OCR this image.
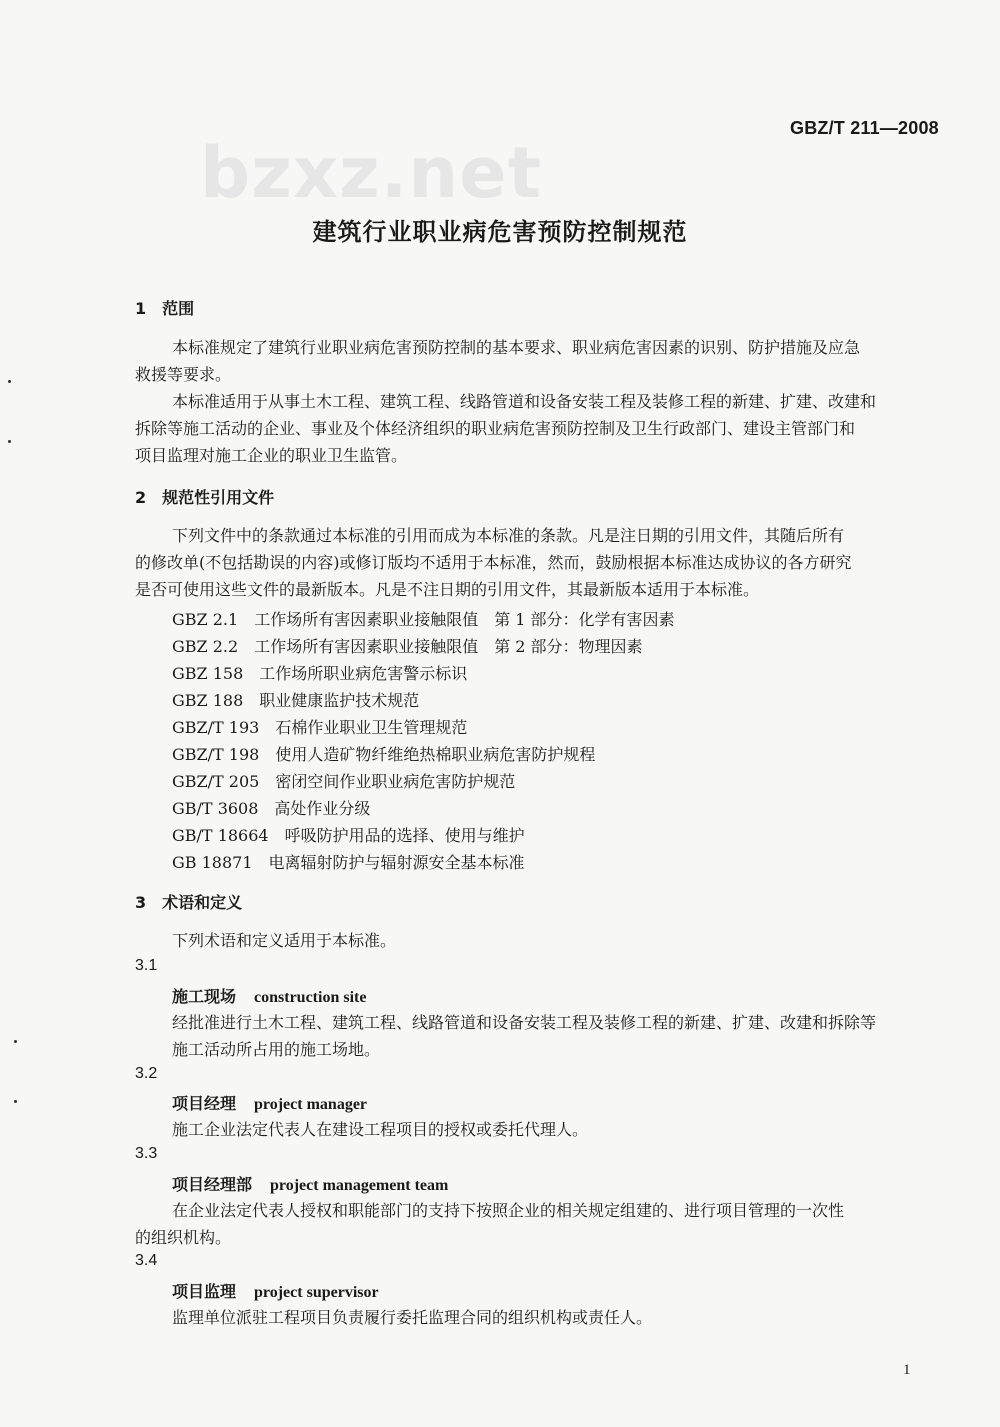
GBZ/T 211—2008
bzxz.net
建筑行业职业病危害预防控制规范
1　范围
本标准规定了建筑行业职业病危害预防控制的基本要求、职业病危害因素的识别、防护措施及应急
救援等要求。
本标准适用于从事土木工程、建筑工程、线路管道和设备安装工程及装修工程的新建、扩建、改建和
拆除等施工活动的企业、事业及个体经济组织的职业病危害预防控制及卫生行政部门、建设主管部门和
项目监理对施工企业的职业卫生监管。
2　规范性引用文件
下列文件中的条款通过本标准的引用而成为本标准的条款。凡是注日期的引用文件，其随后所有
的修改单(不包括勘误的内容)或修订版均不适用于本标准，然而，鼓励根据本标准达成协议的各方研究
是否可使用这些文件的最新版本。凡是不注日期的引用文件，其最新版本适用于本标准。
GBZ 2.1 工作场所有害因素职业接触限值　第 1 部分：化学有害因素
GBZ 2.2 工作场所有害因素职业接触限值　第 2 部分：物理因素
GBZ 158 工作场所职业病危害警示标识
GBZ 188 职业健康监护技术规范
GBZ/T 193 石棉作业职业卫生管理规范
GBZ/T 198 使用人造矿物纤维绝热棉职业病危害防护规程
GBZ/T 205 密闭空间作业职业病危害防护规范
GB/T 3608 高处作业分级
GB/T 18664 呼吸防护用品的选择、使用与维护
GB 18871 电离辐射防护与辐射源安全基本标准
3　术语和定义
下列术语和定义适用于本标准。
3.1
施工现场 construction site
经批准进行土木工程、建筑工程、线路管道和设备安装工程及装修工程的新建、扩建、改建和拆除等
施工活动所占用的施工场地。
3.2
项目经理 project manager
施工企业法定代表人在建设工程项目的授权或委托代理人。
3.3
项目经理部 project management team
在企业法定代表人授权和职能部门的支持下按照企业的相关规定组建的、进行项目管理的一次性
的组织机构。
3.4
项目监理 project supervisor
监理单位派驻工程项目负责履行委托监理合同的组织机构或责任人。
1
